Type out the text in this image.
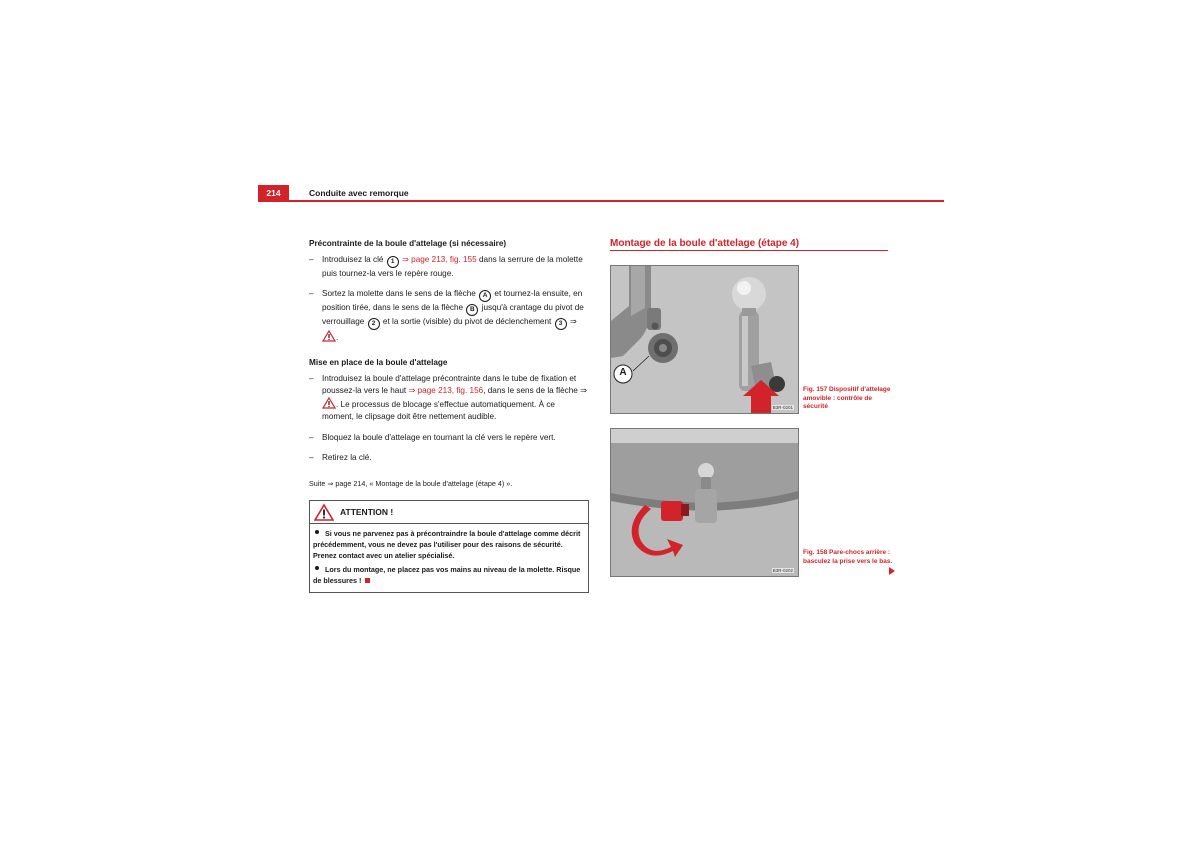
214	Conduite avec remorque
Précontrainte de la boule d'attelage (si nécessaire)
– Introduisez la clé 1 ⇒ page 213, fig. 155 dans la serrure de la molette puis tournez-la vers le repère rouge.
– Sortez la molette dans le sens de la flèche A et tournez-la ensuite, en position tirée, dans le sens de la flèche B jusqu'à crantage du pivot de verrouillage 2 et la sortie (visible) du pivot de déclenchement 3 ⇒ .
Mise en place de la boule d'attelage
– Introduisez la boule d'attelage précontrainte dans le tube de fixation et poussez-la vers le haut ⇒ page 213, fig. 156, dans le sens de la flèche ⇒ . Le processus de blocage s'effectue automatiquement. À ce moment, le clipsage doit être nettement audible.
– Bloquez la boule d'attelage en tournant la clé vers le repère vert.
– Retirez la clé.
Suite ⇒ page 214, « Montage de la boule d'attelage (étape 4) ».
ATTENTION !

Si vous ne parvenez pas à précontraindre la boule d'attelage comme décrit précédemment, vous ne devez pas l'utiliser pour des raisons de sécurité. Prenez contact avec un atelier spécialisé.

Lors du montage, ne placez pas vos mains au niveau de la molette. Risque de blessures !

Montage de la boule d'attelage (étape 4)
A
B3R-0201
Fig. 157 Dispositif d'attelage amovible : contrôle de sécurité
B3R-0202
Fig. 158 Pare-chocs arrière : basculez la prise vers le bas.
